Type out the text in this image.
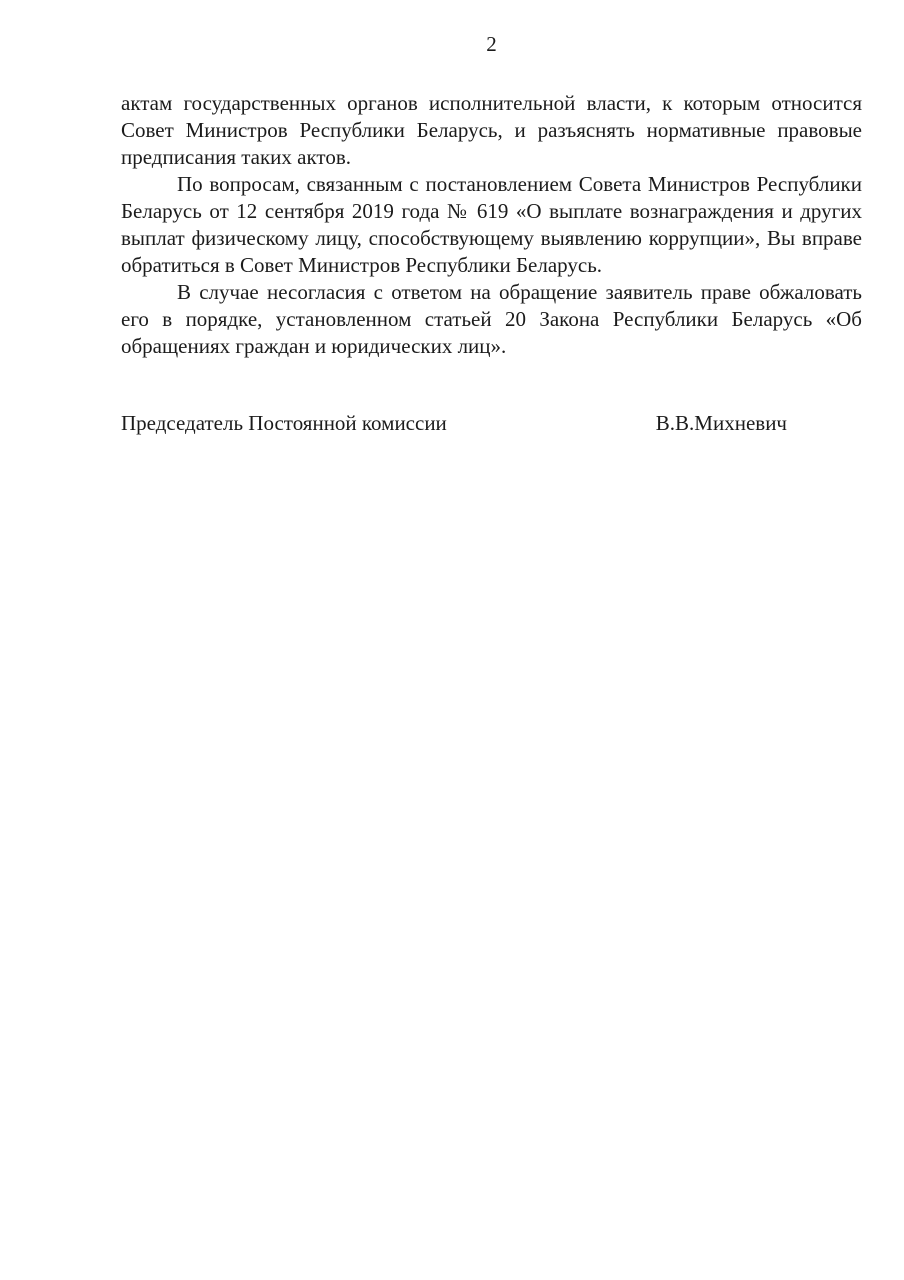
2

актам государственных органов исполнительной власти, к которым относится Совет Министров Республики Беларусь, и разъяснять нормативные правовые предписания таких актов.

По вопросам, связанным с постановлением Совета Министров Республики Беларусь от 12 сентября 2019 года № 619 «О выплате вознаграждения и других выплат физическому лицу, способствующему выявлению коррупции», Вы вправе обратиться в Совет Министров Республики Беларусь.

В случае несогласия с ответом на обращение заявитель праве обжаловать его в порядке, установленном статьей 20 Закона Республики Беларусь «Об обращениях граждан и юридических лиц».

Председатель Постоянной комиссии	В.В.Михневич
